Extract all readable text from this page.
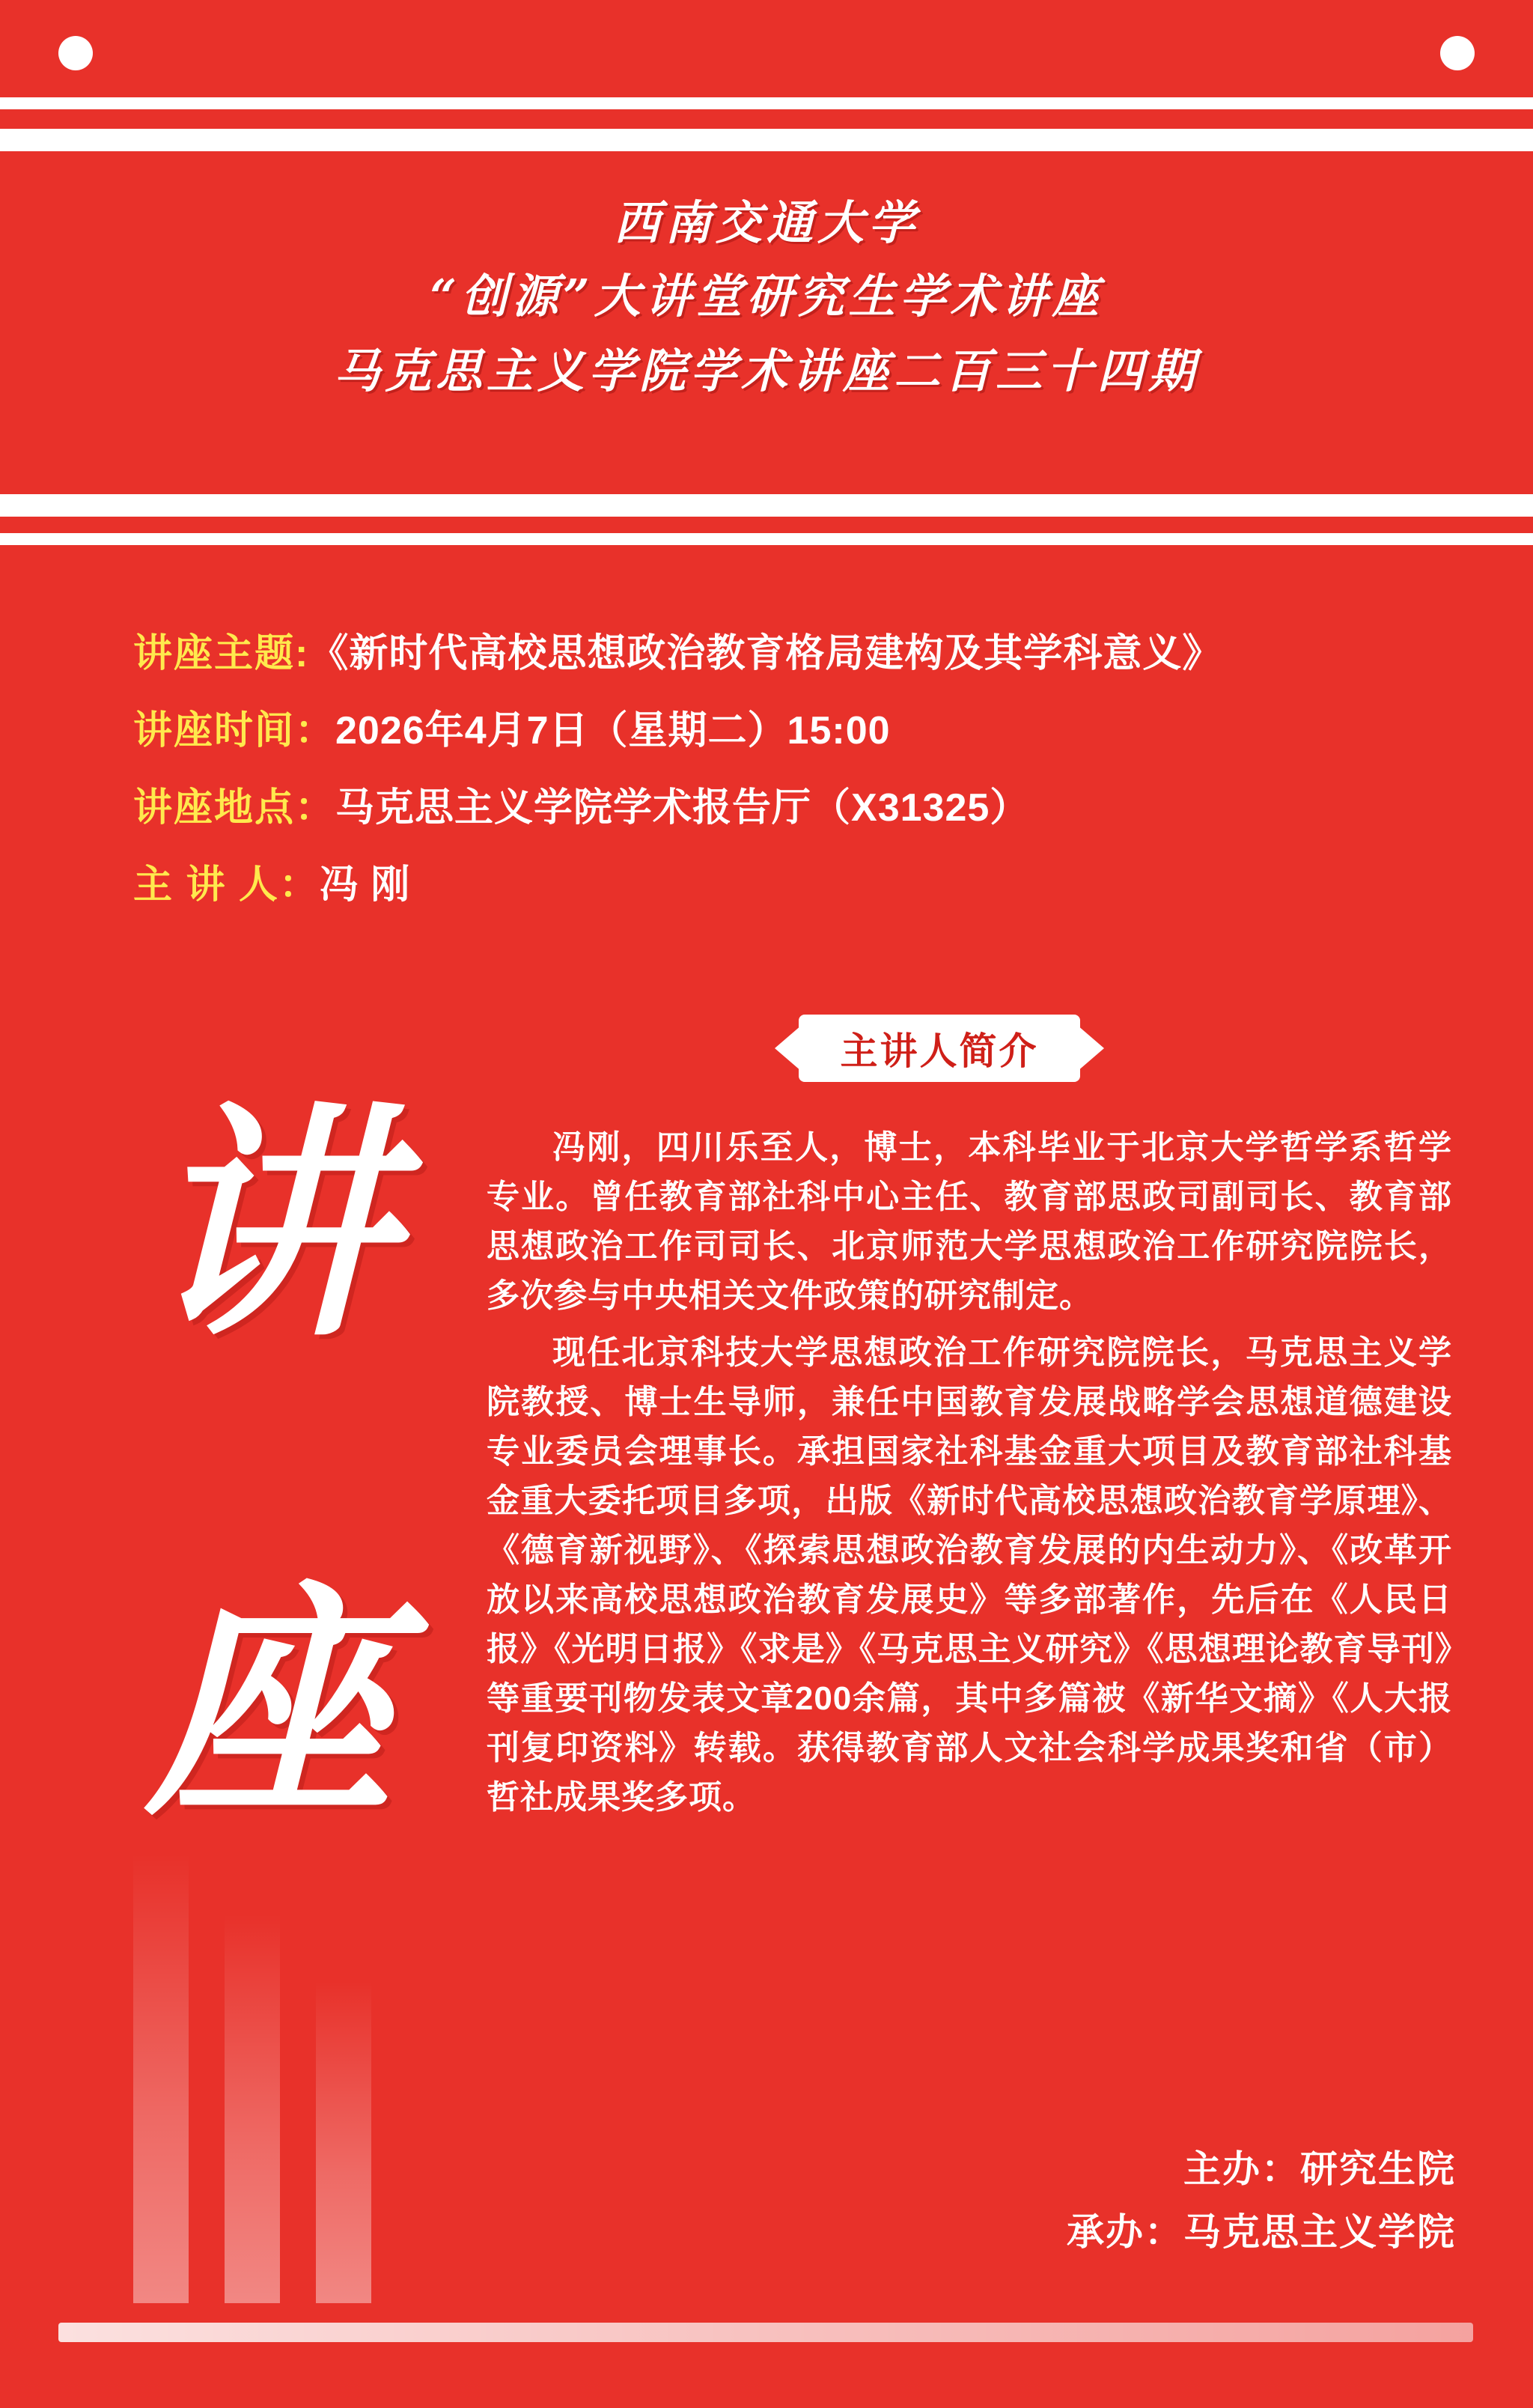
西南交通大学
“创源”大讲堂研究生学术讲座
马克思主义学院学术讲座二百三十四期
讲座主题: 《新时代高校思想政治教育格局建构及其学科意义》
讲座时间： 2026年4月7日（星期二）15:00
讲座地点： 马克思主义学院学术报告厅（X31325）
主 讲 人： 冯 刚
主讲人简介
讲
座

冯刚，四川乐至人，博士，本科毕业于北京大学哲学系哲学专业。曾任教育部社科中心主任、教育部思政司副司长、教育部思想政治工作司司长、北京师范大学思想政治工作研究院院长，多次参与中央相关文件政策的研究制定。

现任北京科技大学思想政治工作研究院院长，马克思主义学院教授、博士生导师，兼任中国教育发展战略学会思想道德建设专业委员会理事长。承担国家社科基金重大项目及教育部社科基金重大委托项目多项，出版《新时代高校思想政治教育学原理》、《德育新视野》、《探索思想政治教育发展的内生动力》、《改革开放以来高校思想政治教育发展史》等多部著作，先后在《人民日报》《光明日报》《求是》《马克思主义研究》《思想理论教育导刊》等重要刊物发表文章200余篇，其中多篇被《新华文摘》《人大报刊复印资料》转载。获得教育部人文社会科学成果奖和省（市）哲社成果奖多项。

主办：研究生院
承办：马克思主义学院
